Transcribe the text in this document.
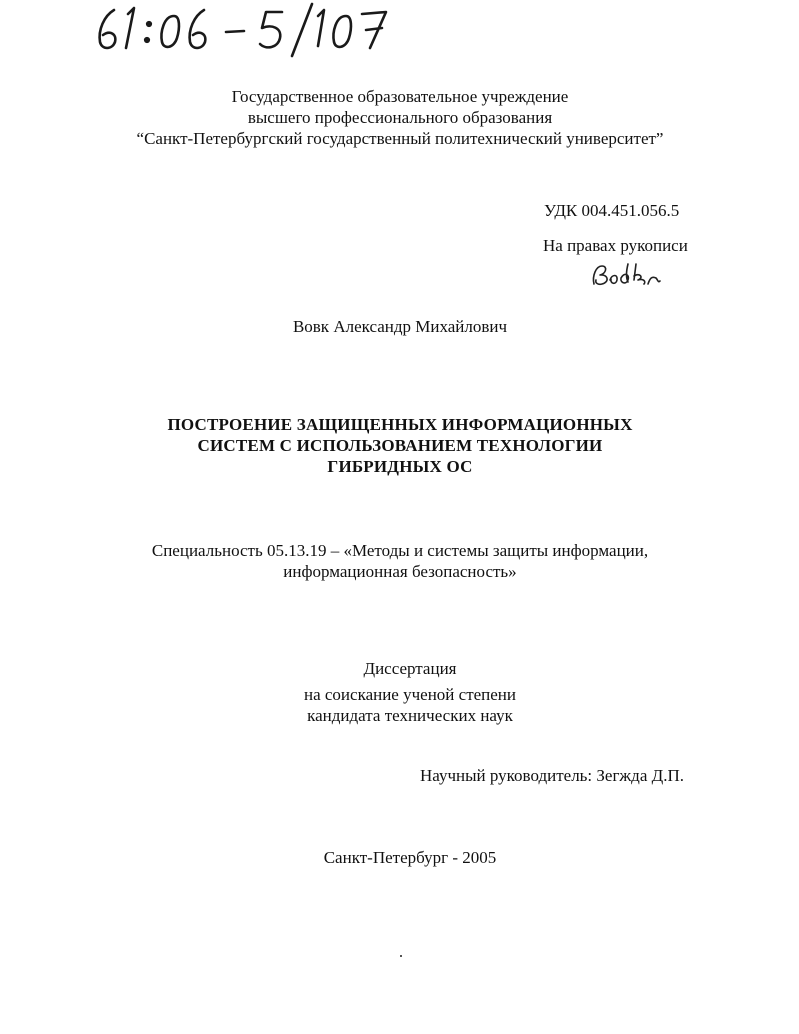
Государственное образовательное учреждение
высшего профессионального образования
“Санкт-Петербургский государственный политехнический университет”
УДК 004.451.056.5
На правах рукописи
Вовк Александр Михайлович
ПОСТРОЕНИЕ ЗАЩИЩЕННЫХ ИНФОРМАЦИОННЫХ
СИСТЕМ С ИСПОЛЬЗОВАНИЕМ ТЕХНОЛОГИИ
ГИБРИДНЫХ ОС
Специальность 05.13.19 – «Методы и системы защиты информации,
информационная безопасность»
Диссертация
на соискание ученой степени
кандидата технических наук
Научный руководитель: Зегжда Д.П.
Санкт-Петербург - 2005
